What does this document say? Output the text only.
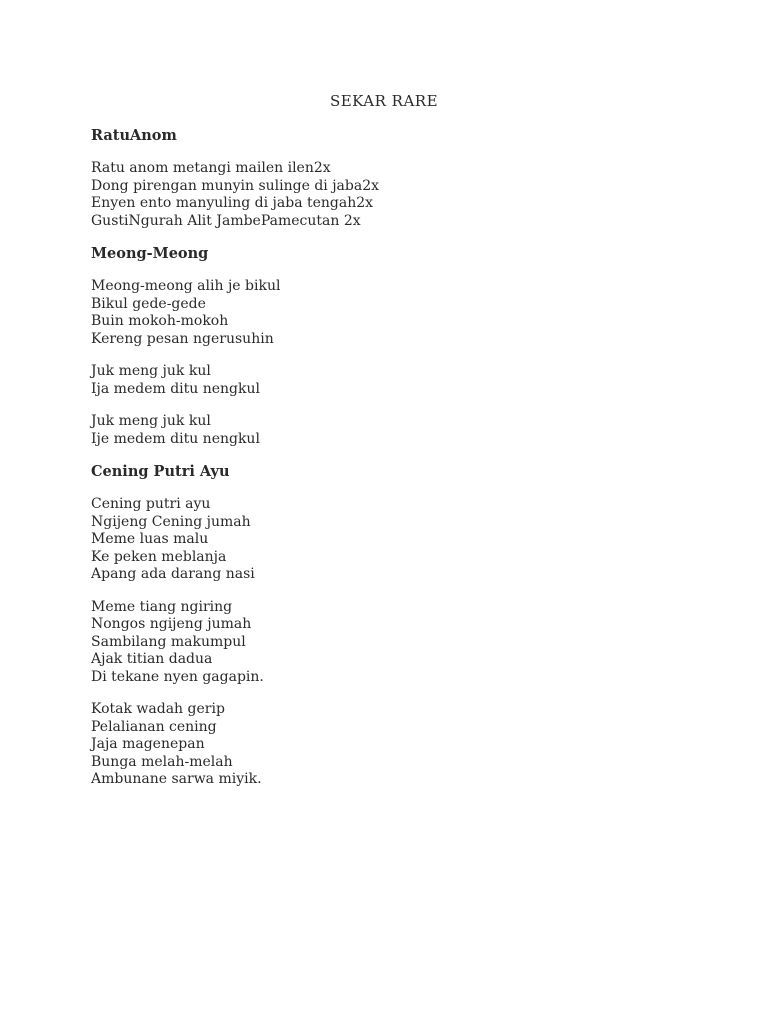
SEKAR RARE
RatuAnom
Ratu anom metangi mailen ilen2x
Dong pirengan munyin sulinge di jaba2x
Enyen ento manyuling di jaba tengah2x
GustiNgurah Alit JambePamecutan 2x
Meong-Meong
Meong-meong alih je bikul
Bikul gede-gede
Buin mokoh-mokoh
Kereng pesan ngerusuhin
Juk meng juk kul
Ija medem ditu nengkul
Juk meng juk kul
Ije medem ditu nengkul
Cening Putri Ayu
Cening putri ayu
Ngijeng Cening jumah
Meme luas malu
Ke peken meblanja
Apang ada darang nasi
Meme tiang ngiring
Nongos ngijeng jumah
Sambilang makumpul
Ajak titian dadua
Di tekane nyen gagapin.
Kotak wadah gerip
Pelalianan cening
Jaja magenepan
Bunga melah-melah
Ambunane sarwa miyik.
